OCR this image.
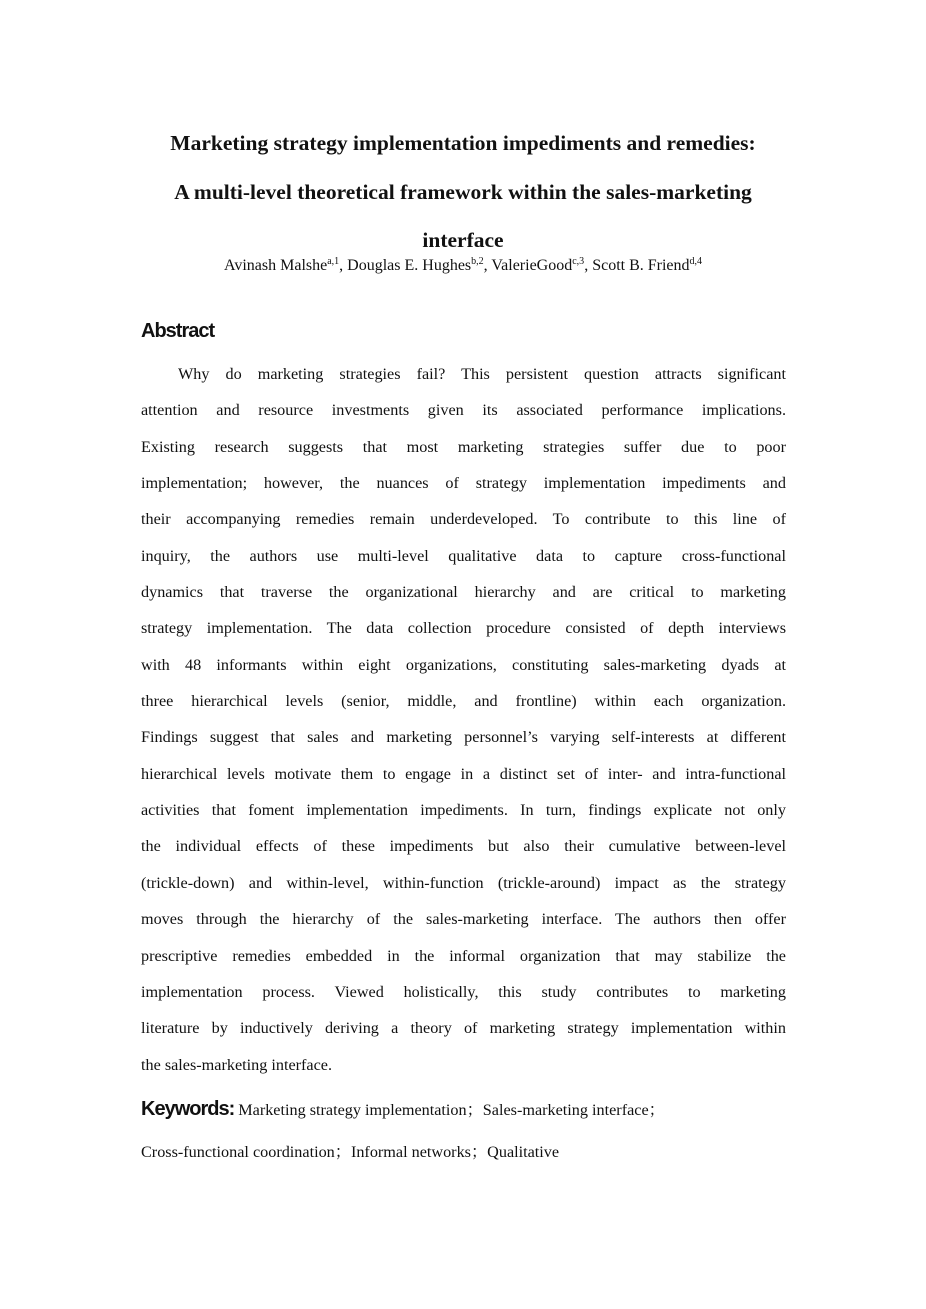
Marketing strategy implementation impediments and remedies:
A multi-level theoretical framework within the sales-marketing
interface
Avinash Malshe$^{a,1}$, Douglas E. Hughes$^{b,2}$, ValerieGood$^{c,3}$, Scott B. Friend$^{d,4}$
Abstract

Why do marketing strategies fail? This persistent question attracts significant
attention and resource investments given its associated performance implications.
Existing research suggests that most marketing strategies suffer due to poor
implementation; however, the nuances of strategy implementation impediments and
their accompanying remedies remain underdeveloped. To contribute to this line of
inquiry, the authors use multi-level qualitative data to capture cross-functional
dynamics that traverse the organizational hierarchy and are critical to marketing
strategy implementation. The data collection procedure consisted of depth interviews
with 48 informants within eight organizations, constituting sales-marketing dyads at
three hierarchical levels (senior, middle, and frontline) within each organization.
Findings suggest that sales and marketing personnel’s varying self-interests at different
hierarchical levels motivate them to engage in a distinct set of inter- and intra-functional
activities that foment implementation impediments. In turn, findings explicate not only
the individual effects of these impediments but also their cumulative between-level
(trickle-down) and within-level, within-function (trickle-around) impact as the strategy
moves through the hierarchy of the sales-marketing interface. The authors then offer
prescriptive remedies embedded in the informal organization that may stabilize the
implementation process. Viewed holistically, this study contributes to marketing
literature by inductively deriving a theory of marketing strategy implementation within
the sales-marketing interface.

Keywords: Marketing strategy implementation；Sales-marketing interface；
Cross-functional coordination；Informal networks；Qualitative
